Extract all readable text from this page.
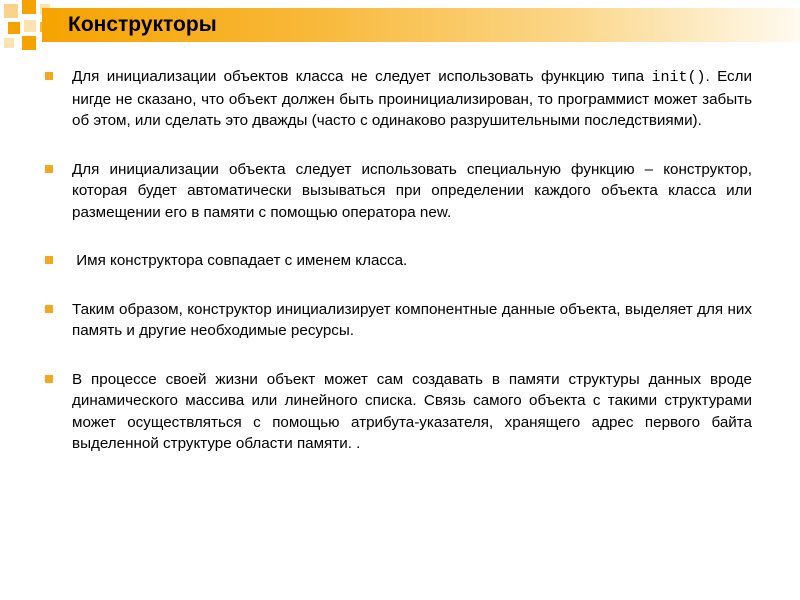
Конструкторы
Для инициализации объектов класса не следует использовать функцию типа init(). Если нигде не сказано, что объект должен быть проинициализирован, то программист может забыть об этом, или сделать это дважды (часто с одинаково разрушительными последствиями).
Для инициализации объекта следует использовать специальную функцию – конструктор, которая будет автоматически вызываться при определении каждого объекта класса или размещении его в памяти с помощью оператора new.
Имя конструктора совпадает с именем класса.
Таким образом, конструктор инициализирует компонентные данные объекта, выделяет для них память и другие необходимые ресурсы.
В процессе своей жизни объект может сам создавать в памяти структуры данных вроде динамического массива или линейного списка. Связь самого объекта с такими структурами может осуществляться с помощью атрибута-указателя, хранящего адрес первого байта выделенной структуре области памяти. .
